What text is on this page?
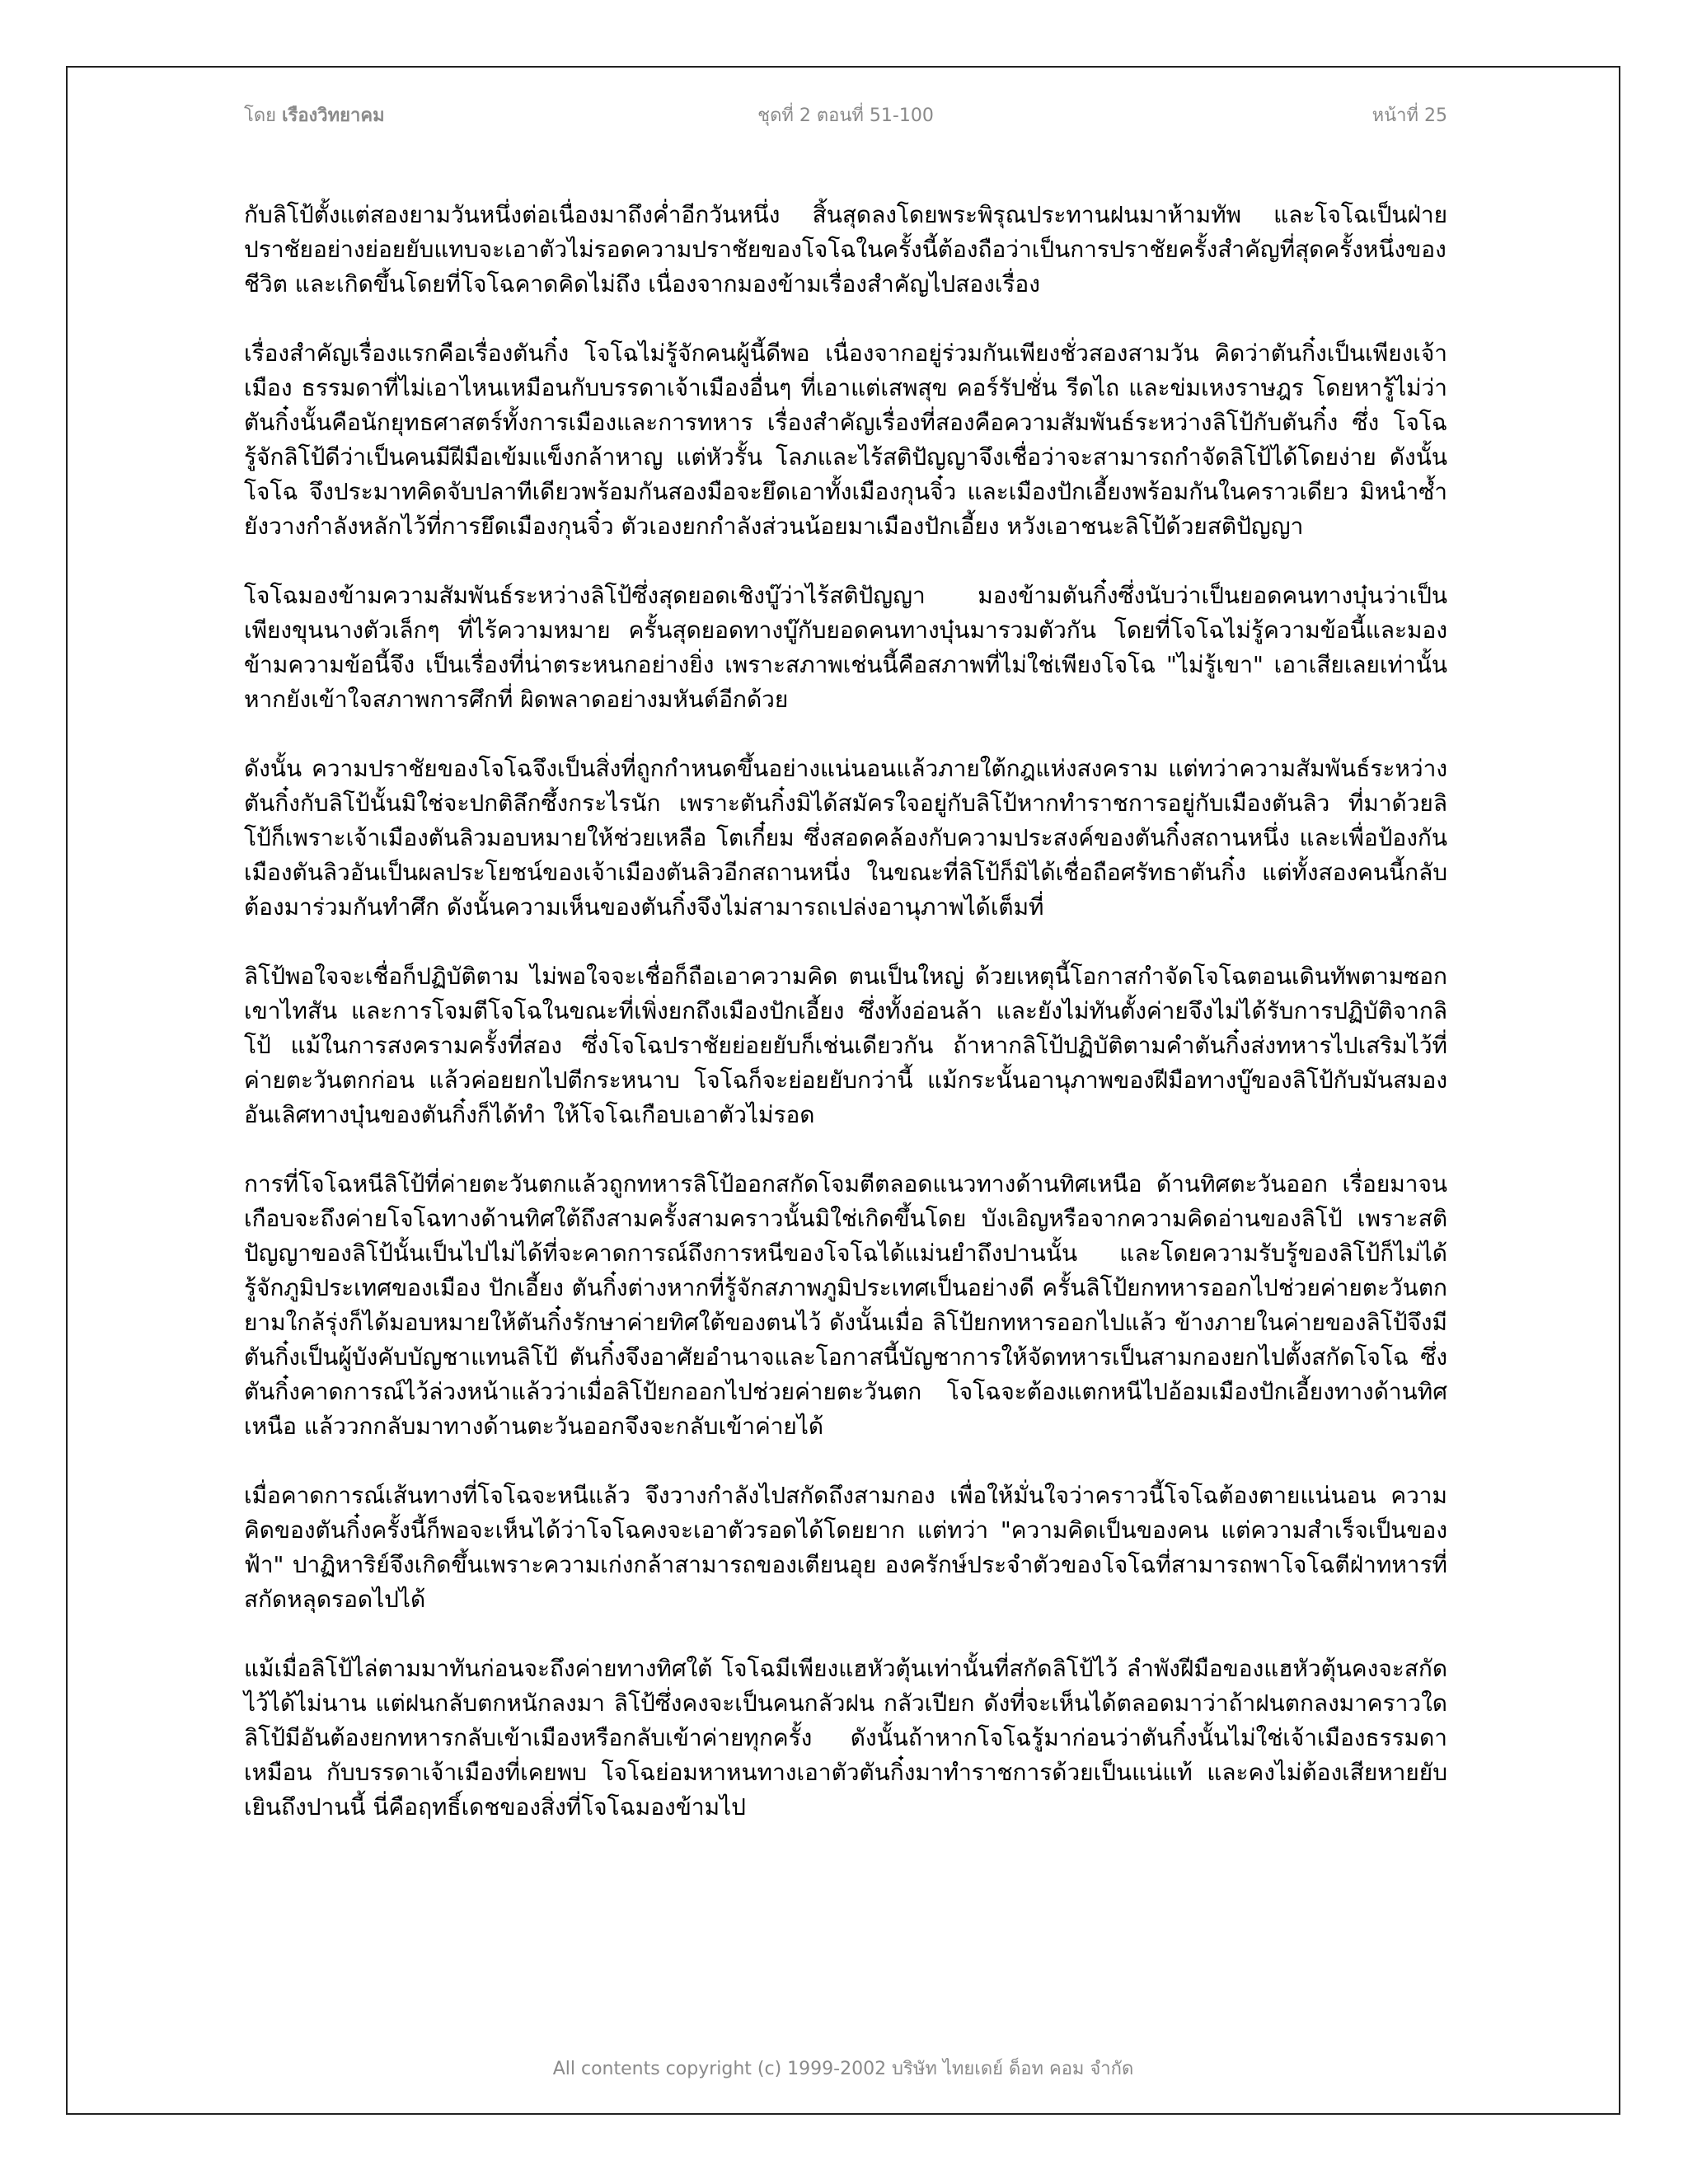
โดย เรืองวิทยาคม	ชุดที่ 2 ตอนที่ 51-100	หน้าที่ 25

กับลิโป้ตั้งแต่สองยามวันหนึ่งต่อเนื่องมาถึงค่ำอีกวันหนึ่ง สิ้นสุดลงโดยพระพิรุณประทานฝนมาห้ามทัพ และโจโฉเป็นฝ่ายปราชัยอย่างย่อยยับแทบจะเอาตัวไม่รอดความปราชัยของโจโฉในครั้งนี้ต้องถือว่าเป็นการปราชัยครั้งสำคัญที่สุดครั้งหนึ่งของชีวิต และเกิดขึ้นโดยที่โจโฉคาดคิดไม่ถึง เนื่องจากมองข้ามเรื่องสำคัญไปสองเรื่อง

เรื่องสำคัญเรื่องแรกคือเรื่องตันกิ๋ง โจโฉไม่รู้จักคนผู้นี้ดีพอ เนื่องจากอยู่ร่วมกันเพียงชั่วสองสามวัน คิดว่าตันกิ๋งเป็นเพียงเจ้าเมือง ธรรมดาที่ไม่เอาไหนเหมือนกับบรรดาเจ้าเมืองอื่นๆ ที่เอาแต่เสพสุข คอร์รัปชั่น รีดไถ และข่มเหงราษฎร โดยหารู้ไม่ว่าตันกิ๋งนั้นคือนักยุทธศาสตร์ทั้งการเมืองและการทหาร เรื่องสำคัญเรื่องที่สองคือความสัมพันธ์ระหว่างลิโป้กับตันกิ๋ง ซึ่ง โจโฉรู้จักลิโป้ดีว่าเป็นคนมีฝีมือเข้มแข็งกล้าหาญ แต่หัวรั้น โลภและไร้สติปัญญาจึงเชื่อว่าจะสามารถกำจัดลิโป้ได้โดยง่าย ดังนั้นโจโฉ จึงประมาทคิดจับปลาทีเดียวพร้อมกันสองมือจะยึดเอาทั้งเมืองกุนจิ๋ว และเมืองปักเอี้ยงพร้อมกันในคราวเดียว มิหนำซ้ำยังวางกำลังหลักไว้ที่การยึดเมืองกุนจิ๋ว ตัวเองยกกำลังส่วนน้อยมาเมืองปักเอี้ยง หวังเอาชนะลิโป้ด้วยสติปัญญา

โจโฉมองข้ามความสัมพันธ์ระหว่างลิโป้ซึ่งสุดยอดเชิงบู๊ว่าไร้สติปัญญา มองข้ามตันกิ๋งซึ่งนับว่าเป็นยอดคนทางบุ๋นว่าเป็นเพียงขุนนางตัวเล็กๆ ที่ไร้ความหมาย ครั้นสุดยอดทางบู๊กับยอดคนทางบุ๋นมารวมตัวกัน โดยที่โจโฉไม่รู้ความข้อนี้และมองข้ามความข้อนี้จึง เป็นเรื่องที่น่าตระหนกอย่างยิ่ง เพราะสภาพเช่นนี้คือสภาพที่ไม่ใช่เพียงโจโฉ "ไม่รู้เขา" เอาเสียเลยเท่านั้น หากยังเข้าใจสภาพการศึกที่ ผิดพลาดอย่างมหันต์อีกด้วย

ดังนั้น ความปราชัยของโจโฉจึงเป็นสิ่งที่ถูกกำหนดขึ้นอย่างแน่นอนแล้วภายใต้กฎแห่งสงคราม แต่ทว่าความสัมพันธ์ระหว่างตันกิ๋งกับลิโป้นั้นมิใช่จะปกติลึกซึ้งกระไรนัก เพราะตันกิ๋งมิได้สมัครใจอยู่กับลิโป้หากทำราชการอยู่กับเมืองตันลิว ที่มาด้วยลิโป้ก็เพราะเจ้าเมืองตันลิวมอบหมายให้ช่วยเหลือ โตเกี๋ยม ซึ่งสอดคล้องกับความประสงค์ของตันกิ๋งสถานหนึ่ง และเพื่อป้องกันเมืองตันลิวอันเป็นผลประโยชน์ของเจ้าเมืองตันลิวอีกสถานหนึ่ง ในขณะที่ลิโป้ก็มิได้เชื่อถือศรัทธาตันกิ๋ง แต่ทั้งสองคนนี้กลับต้องมาร่วมกันทำศึก ดังนั้นความเห็นของตันกิ๋งจึงไม่สามารถเปล่งอานุภาพได้เต็มที่

ลิโป้พอใจจะเชื่อก็ปฏิบัติตาม ไม่พอใจจะเชื่อก็ถือเอาความคิด ตนเป็นใหญ่ ด้วยเหตุนี้โอกาสกำจัดโจโฉตอนเดินทัพตามซอกเขาไทสัน และการโจมตีโจโฉในขณะที่เพิ่งยกถึงเมืองปักเอี้ยง ซึ่งทั้งอ่อนล้า และยังไม่ทันตั้งค่ายจึงไม่ได้รับการปฏิบัติจากลิโป้ แม้ในการสงครามครั้งที่สอง ซึ่งโจโฉปราชัยย่อยยับก็เช่นเดียวกัน ถ้าหากลิโป้ปฏิบัติตามคำตันกิ๋งส่งทหารไปเสริมไว้ที่ค่ายตะวันตกก่อน แล้วค่อยยกไปตีกระหนาบ โจโฉก็จะย่อยยับกว่านี้ แม้กระนั้นอานุภาพของฝีมือทางบู๊ของลิโป้กับมันสมองอันเลิศทางบุ๋นของตันกิ๋งก็ได้ทำ ให้โจโฉเกือบเอาตัวไม่รอด

การที่โจโฉหนีลิโป้ที่ค่ายตะวันตกแล้วถูกทหารลิโป้ออกสกัดโจมตีตลอดแนวทางด้านทิศเหนือ ด้านทิศตะวันออก เรื่อยมาจนเกือบจะถึงค่ายโจโฉทางด้านทิศใต้ถึงสามครั้งสามคราวนั้นมิใช่เกิดขึ้นโดย บังเอิญหรือจากความคิดอ่านของลิโป้ เพราะสติปัญญาของลิโป้นั้นเป็นไปไม่ได้ที่จะคาดการณ์ถึงการหนีของโจโฉได้แม่นยำถึงปานนั้น และโดยความรับรู้ของลิโป้ก็ไม่ได้รู้จักภูมิประเทศของเมือง ปักเอี้ยง ตันกิ๋งต่างหากที่รู้จักสภาพภูมิประเทศเป็นอย่างดี ครั้นลิโป้ยกทหารออกไปช่วยค่ายตะวันตกยามใกล้รุ่งก็ได้มอบหมายให้ตันกิ๋งรักษาค่ายทิศใต้ของตนไว้ ดังนั้นเมื่อ ลิโป้ยกทหารออกไปแล้ว ข้างภายในค่ายของลิโป้จึงมีตันกิ๋งเป็นผู้บังคับบัญชาแทนลิโป้ ตันกิ๋งจึงอาศัยอำนาจและโอกาสนี้บัญชาการให้จัดทหารเป็นสามกองยกไปตั้งสกัดโจโฉ ซึ่งตันกิ๋งคาดการณ์ไว้ล่วงหน้าแล้วว่าเมื่อลิโป้ยกออกไปช่วยค่ายตะวันตก โจโฉจะต้องแตกหนีไปอ้อมเมืองปักเอี้ยงทางด้านทิศเหนือ แล้ววกกลับมาทางด้านตะวันออกจึงจะกลับเข้าค่ายได้

เมื่อคาดการณ์เส้นทางที่โจโฉจะหนีแล้ว จึงวางกำลังไปสกัดถึงสามกอง เพื่อให้มั่นใจว่าคราวนี้โจโฉต้องตายแน่นอน ความคิดของตันกิ๋งครั้งนี้ก็พอจะเห็นได้ว่าโจโฉคงจะเอาตัวรอดได้โดยยาก แต่ทว่า "ความคิดเป็นของคน แต่ความสำเร็จเป็นของฟ้า" ปาฏิหาริย์จึงเกิดขึ้นเพราะความเก่งกล้าสามารถของเตียนอุย องครักษ์ประจำตัวของโจโฉที่สามารถพาโจโฉตีฝ่าทหารที่สกัดหลุดรอดไปได้

แม้เมื่อลิโป้ไล่ตามมาทันก่อนจะถึงค่ายทางทิศใต้ โจโฉมีเพียงแฮหัวตุ้นเท่านั้นที่สกัดลิโป้ไว้ ลำพังฝีมือของแฮหัวตุ้นคงจะสกัดไว้ได้ไม่นาน แต่ฝนกลับตกหนักลงมา ลิโป้ซึ่งคงจะเป็นคนกลัวฝน กลัวเปียก ดังที่จะเห็นได้ตลอดมาว่าถ้าฝนตกลงมาคราวใด ลิโป้มีอันต้องยกทหารกลับเข้าเมืองหรือกลับเข้าค่ายทุกครั้ง ดังนั้นถ้าหากโจโฉรู้มาก่อนว่าตันกิ๋งนั้นไม่ใช่เจ้าเมืองธรรมดาเหมือน กับบรรดาเจ้าเมืองที่เคยพบ โจโฉย่อมหาหนทางเอาตัวตันกิ๋งมาทำราชการด้วยเป็นแน่แท้ และคงไม่ต้องเสียหายยับเยินถึงปานนี้ นี่คือฤทธิ์เดชของสิ่งที่โจโฉมองข้ามไป

All contents copyright (c) 1999-2002 บริษัท ไทยเดย์ ด็อท คอม จำกัด
